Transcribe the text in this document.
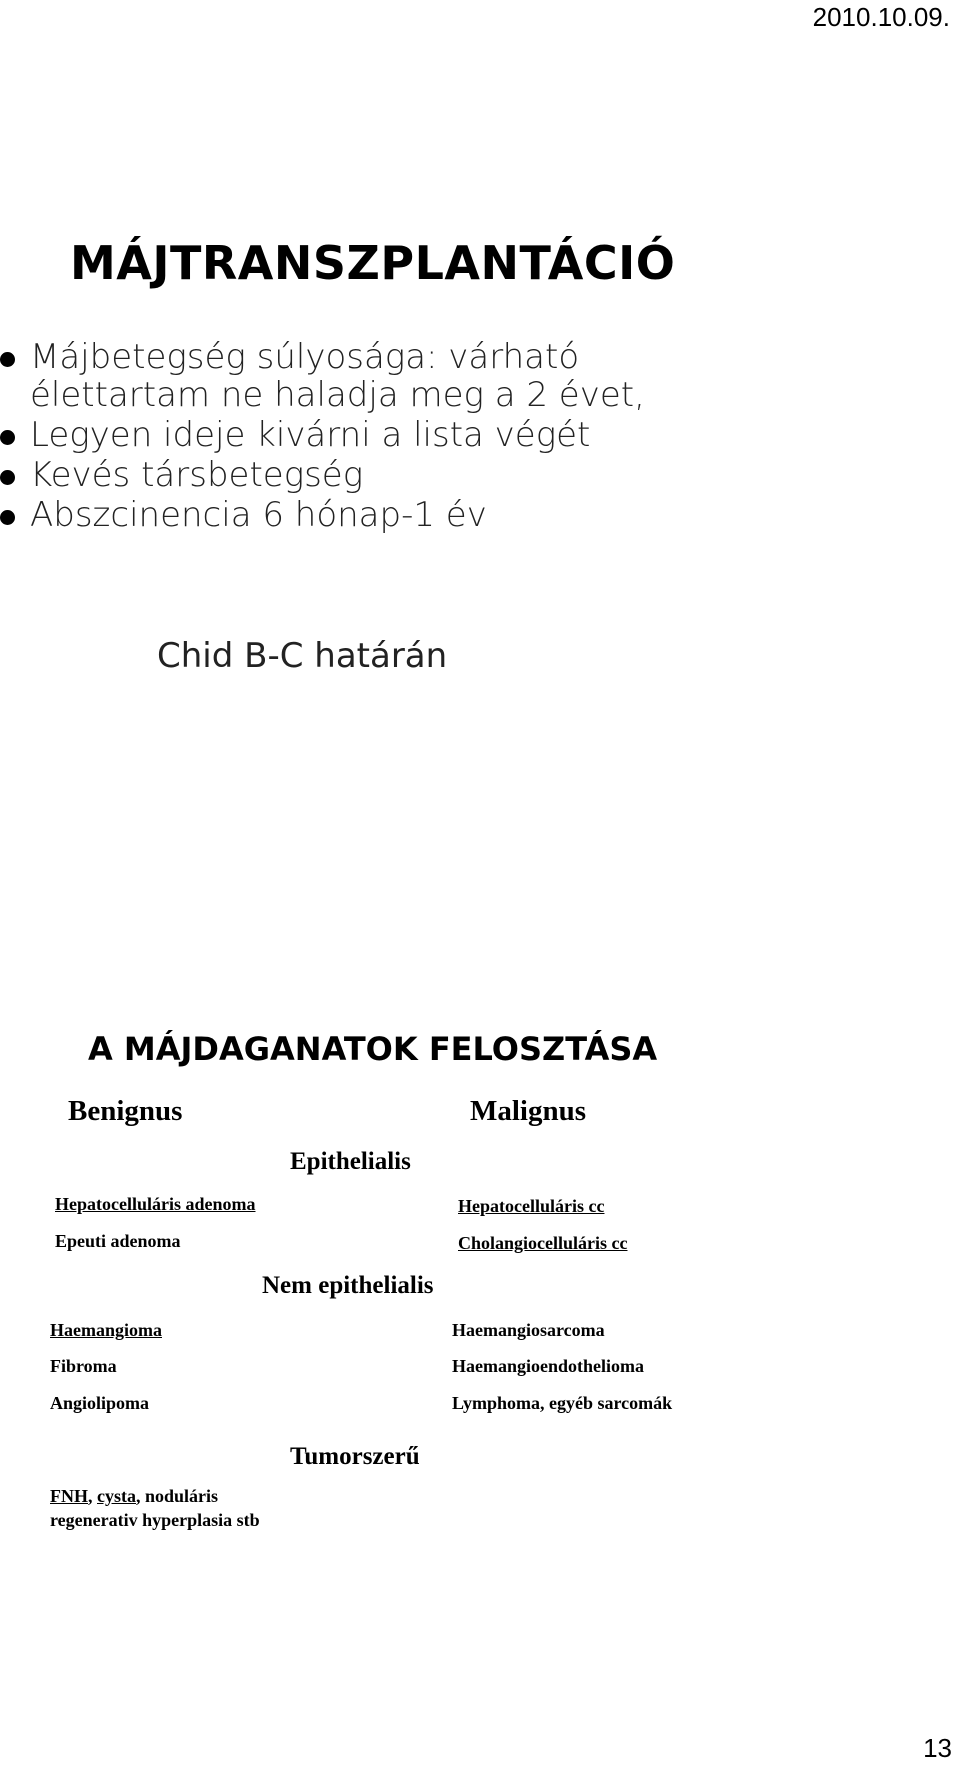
2010.10.09.
MÁJTRANSZPLANTÁCIÓ
Májbetegség súlyosága: várható élettartam ne haladja meg a 2 évet,
Legyen ideje kivárni a lista végét
Kevés társbetegség
Abszcinencia 6 hónap-1 év
Chid B-C határán
A MÁJDAGANATOK FELOSZTÁSA
Benignus	Malignus
Epithelialis
Hepatocelluláris adenoma
Epeuti adenoma
Hepatocelluláris cc
Cholangiocelluláris cc
Nem epithelialis
Haemangioma
Fibroma
Angiolipoma
Haemangiosarcoma
Haemangioendothelioma
Lymphoma, egyéb sarcomák
Tumorszerű
FNH, cysta, noduláris
regenerativ hyperplasia stb
13
